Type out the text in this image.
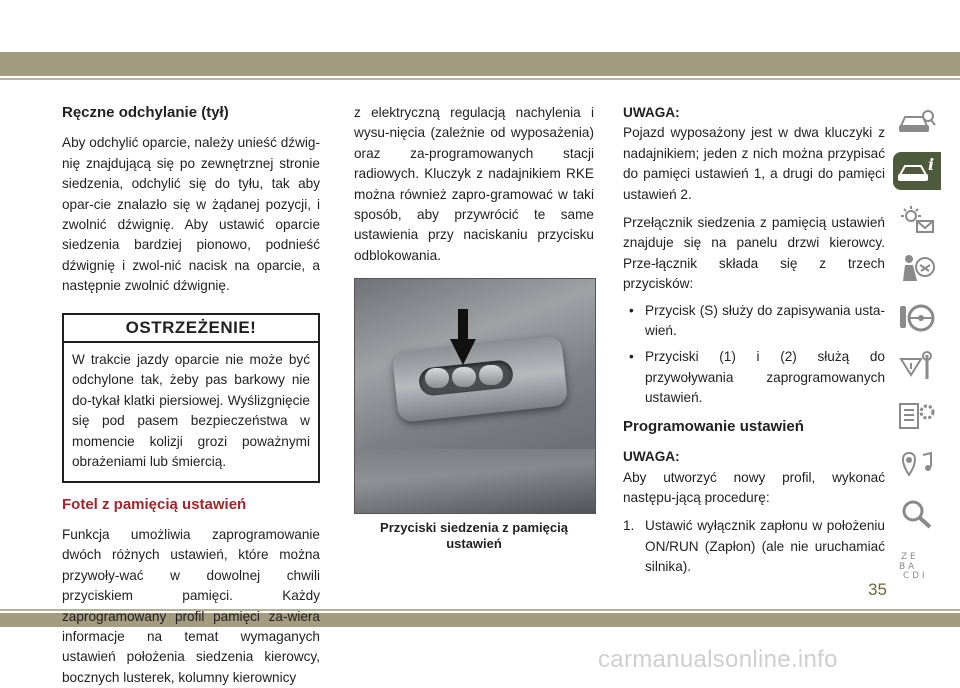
Ręczne odchylanie (tył)

Aby odchylić oparcie, należy unieść dźwig-nię znajdującą się po zewnętrznej stronie siedzenia, odchylić się do tyłu, tak aby opar-cie znalazło się w żądanej pozycji, i zwolnić dźwignię. Aby ustawić oparcie siedzenia bardziej pionowo, podnieść dźwignię i zwol-nić nacisk na oparcie, a następnie zwolnić dźwignię.

OSTRZEŻENIE!

W trakcie jazdy oparcie nie może być odchylone tak, żeby pas barkowy nie do-tykał klatki piersiowej. Wyślizgnięcie się pod pasem bezpieczeństwa w momencie kolizji grozi poważnymi obrażeniami lub śmiercią.

Fotel z pamięcią ustawień

Funkcja umożliwia zaprogramowanie dwóch różnych ustawień, które można przywoły-wać w dowolnej chwili przyciskiem pamięci. Każdy zaprogramowany profil pamięci za-wiera informacje na temat wymaganych ustawień położenia siedzenia kierowcy, bocznych lusterek, kolumny kierownicy

z elektryczną regulacją nachylenia i wysu-nięcia (zależnie od wyposażenia) oraz za-programowanych stacji radiowych. Kluczyk z nadajnikiem RKE można również zapro-gramować w taki sposób, aby przywrócić te same ustawienia przy naciskaniu przycisku odblokowania.

Przyciski siedzenia z pamięcią ustawień
UWAGA:

Pojazd wyposażony jest w dwa kluczyki z nadajnikiem; jeden z nich można przypisać do pamięci ustawień 1, a drugi do pamięci ustawień 2.

Przełącznik siedzenia z pamięcią ustawień znajduje się na panelu drzwi kierowcy. Prze-łącznik składa się z trzech przycisków:

• Przycisk (S) służy do zapisywania usta-wień.
• Przyciski (1) i (2) służą do przywoływania zaprogramowanych ustawień.
Programowanie ustawień
UWAGA:

Aby utworzyć nowy profil, wykonać następu-jącą procedurę:

1. Ustawić wyłącznik zapłonu w położeniu ON/RUN (Zapłon) (ale nie uruchamiać silnika).
i
Z E
B A
C D I
35
carmanualsonline.info
